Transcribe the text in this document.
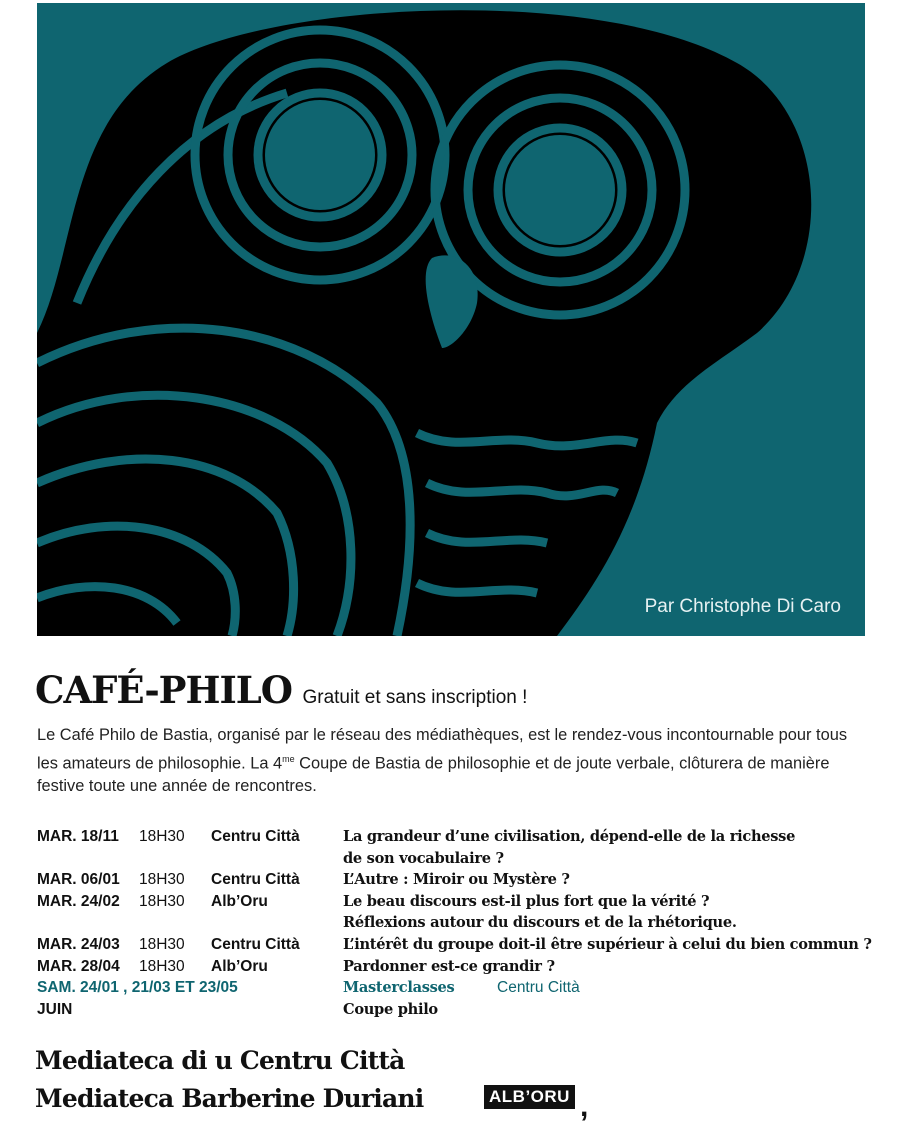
Par Christophe Di Caro
CAFÉ-PHILO Gratuit et sans inscription !
Le Café Philo de Bastia, organisé par le réseau des médiathèques, est le rendez-vous incontournable pour tous les amateurs de philosophie. La $4^{me}$ Coupe de Bastia de philosophie et de joute verbale, clôturera de manière festive toute une année de rencontres.
MAR. 18/11 18H30 Centru Città	La grandeur d’une civilisation, dépend-elle de la richesse
de son vocabulaire ?
MAR. 06/01 18H30 Centru Città	L’Autre : Miroir ou Mystère ?
MAR. 24/02 18H30 Alb’Oru	Le beau discours est-il plus fort que la vérité ?
Réflexions autour du discours et de la rhétorique.
MAR. 24/03 18H30 Centru Città	L’intérêt du groupe doit-il être supérieur à celui du bien commun ?
MAR. 28/04 18H30 Alb’Oru	Pardonner est-ce grandir ?
SAM. 24/01 , 21/03 ET 23/05	Masterclasses	Centru Città
JUIN	Coupe philo
Mediateca di u Centru Città
Mediateca Barberine Duriani	ALB’ORU ,
